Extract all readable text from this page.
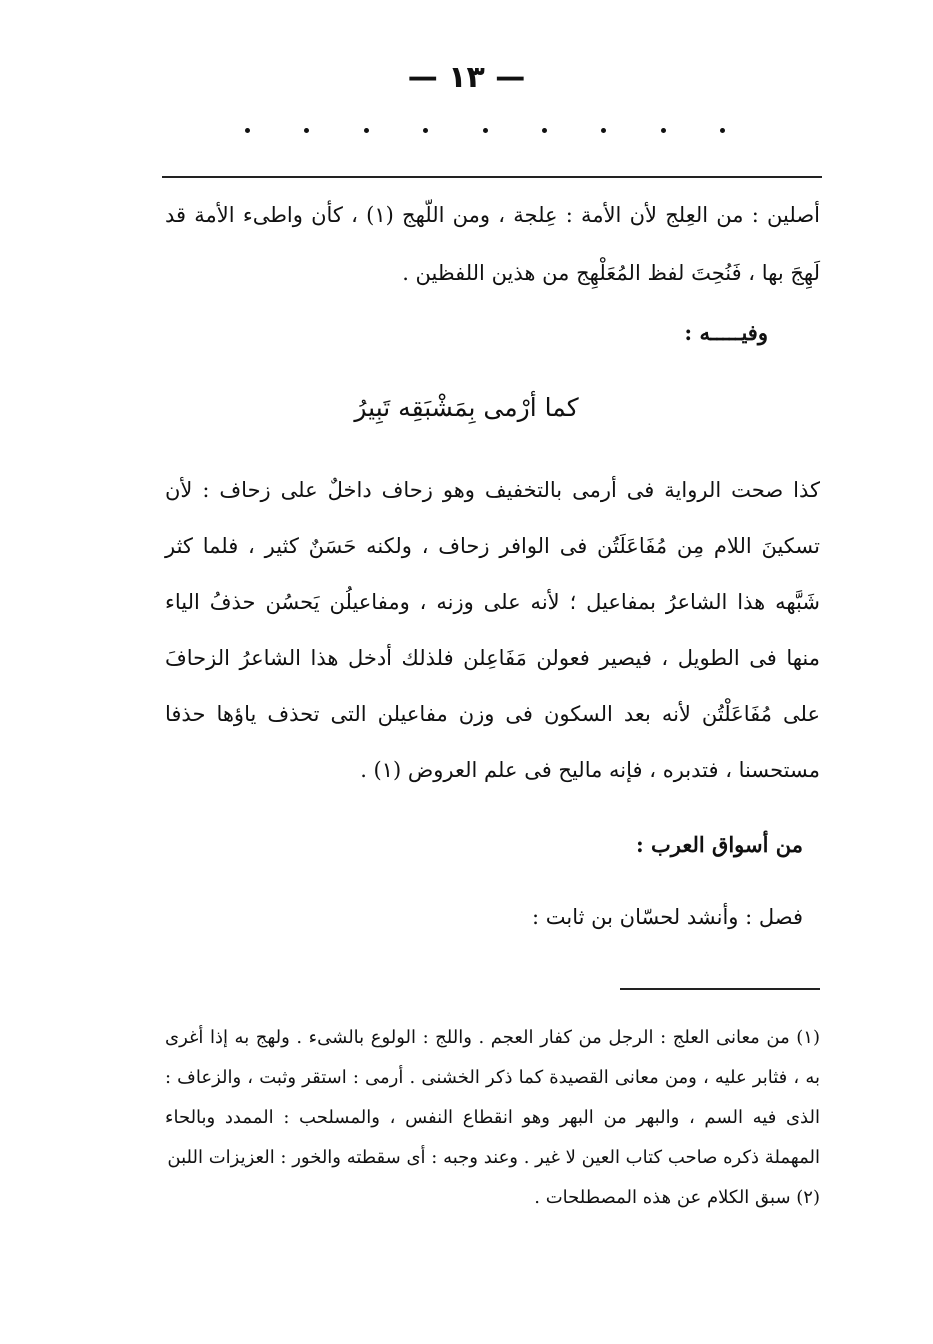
— ١٣ —
أصلين : من العِلج لأن الأمة : عِلجة ، ومن اللّهج (١) ، كأن واطىء الأمة قد لَهِجَ بها ، فَنُحِتَ لفظ المُعَلْهِج من هذين اللفظين .
وفيـــــه :
كما أرْمى بِمَشْبَقِه تَبِيرُ
كذا صحت الرواية فى أرمى بالتخفيف وهو زحاف داخلٌ على زحاف : لأن تسكينَ اللام مِن مُفَاعَلَتُن فى الوافر زحاف ، ولكنه حَسَنٌ كثير ، فلما كثر شَبَّهه هذا الشاعرُ بمفاعيل ؛ لأنه على وزنه ، ومفاعيلُن يَحسُن حذفُ الياء منها فى الطويل ، فيصير فعولن مَفَاعِلن فلذلك أدخل هذا الشاعرُ الزحافَ على مُفَاعَلْتُن لأنه بعد السكون فى وزن مفاعيلن التى تحذف ياؤها حذفا مستحسنا ، فتدبره ، فإنه ماليح فى علم العروض (١) .
من أسواق العرب :
فصل : وأنشد لحسّان بن ثابت :

(١) من معانى العلج : الرجل من كفار العجم . واللج : الولوع بالشىء . ولهج به إذا أغرى به ، فثابر عليه ، ومن معانى القصيدة كما ذكر الخشنى . أرمى : استقر وثبت ، والزعاف : الذى فيه السم ، والبهر من البهر وهو انقطاع النفس ، والمسلحب : الممدد وبالحاء المهملة ذكره صاحب كتاب العين لا غير . وعند وجبه : أى سقطته والخور : العزيزات اللبن

(٢) سبق الكلام عن هذه المصطلحات .
